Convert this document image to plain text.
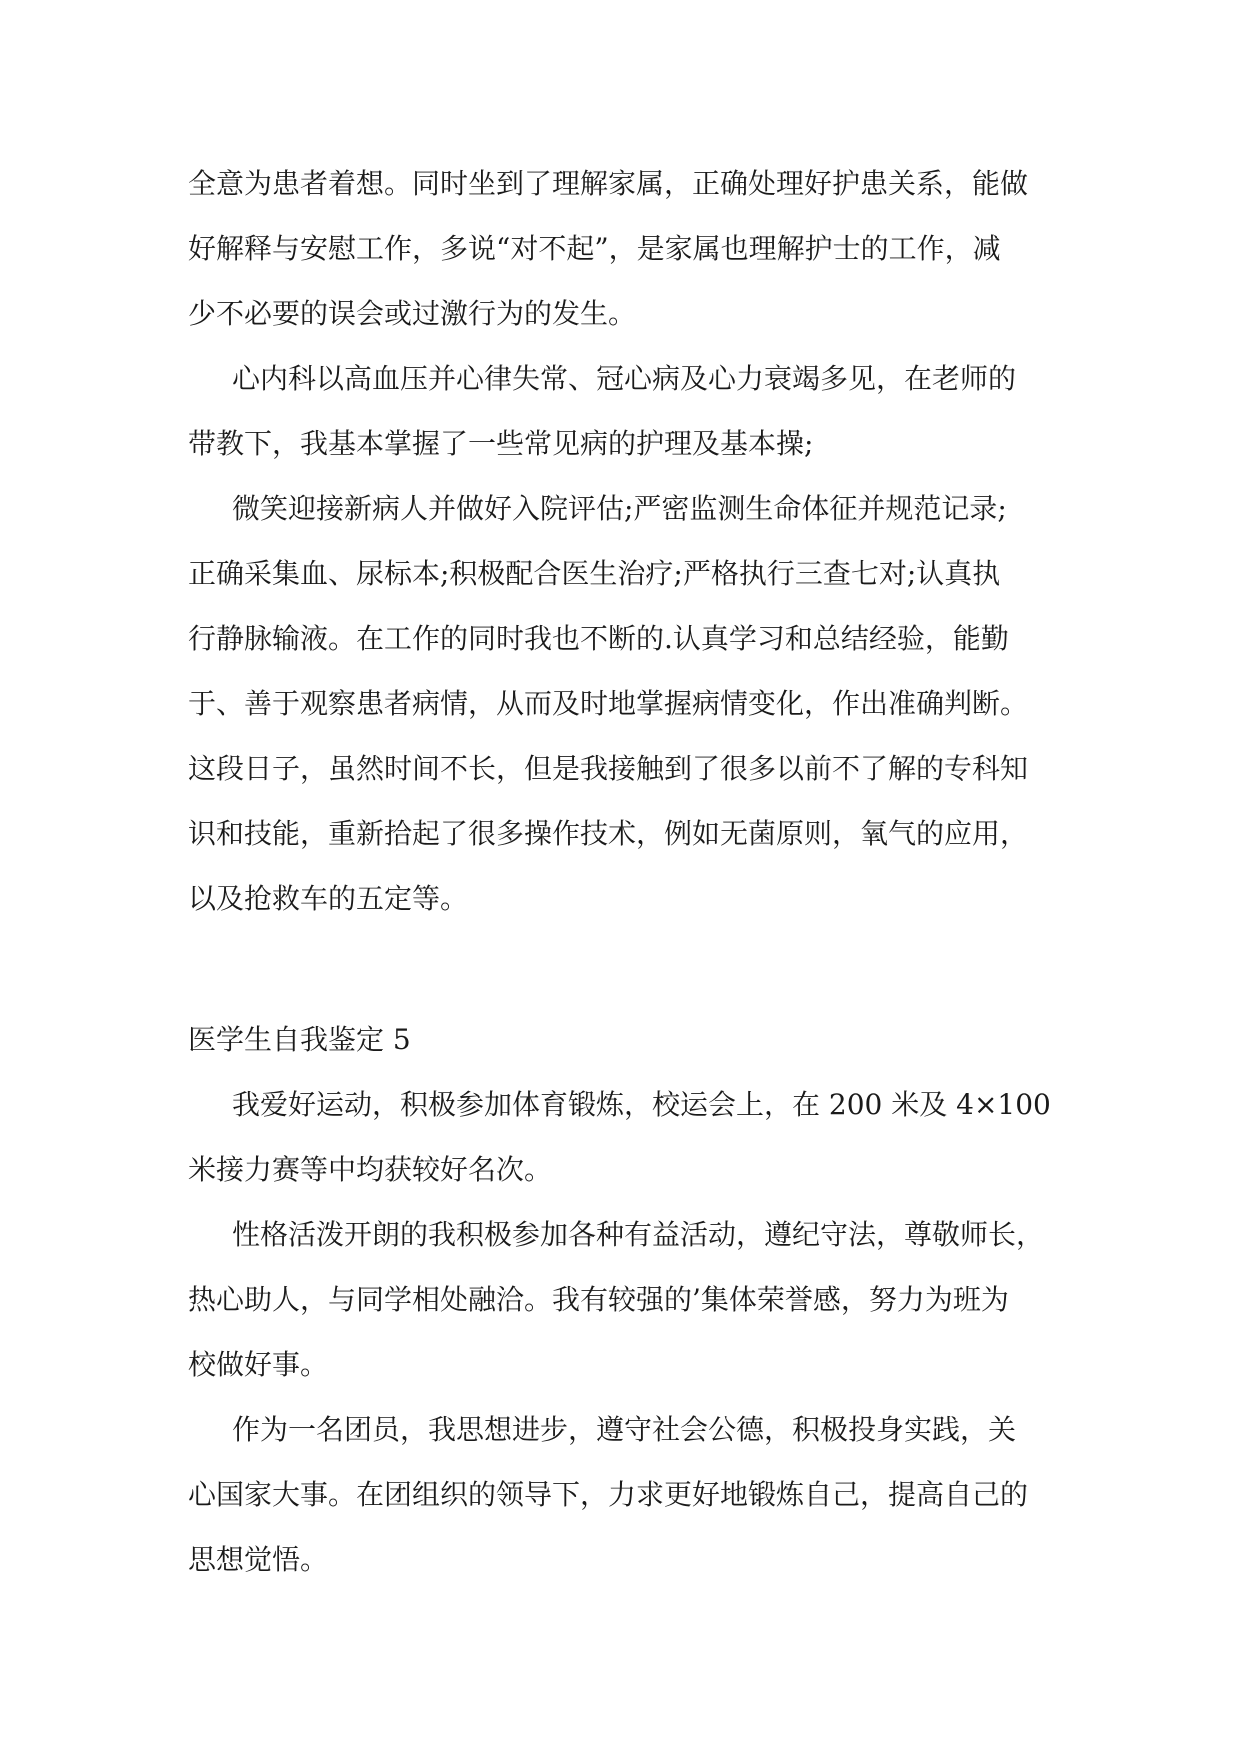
全意为患者着想。同时坐到了理解家属，正确处理好护患关系，能做
好解释与安慰工作，多说“对不起”，是家属也理解护士的工作，减
少不必要的误会或过激行为的发生。
心内科以高血压并心律失常、冠心病及心力衰竭多见，在老师的
带教下，我基本掌握了一些常见病的护理及基本操;
微笑迎接新病人并做好入院评估;严密监测生命体征并规范记录;
正确采集血、尿标本;积极配合医生治疗;严格执行三查七对;认真执
行静脉输液。在工作的同时我也不断的.认真学习和总结经验，能勤
于、善于观察患者病情，从而及时地掌握病情变化，作出准确判断。
这段日子，虽然时间不长，但是我接触到了很多以前不了解的专科知
识和技能，重新拾起了很多操作技术，例如无菌原则，氧气的应用，
以及抢救车的五定等。
医学生自我鉴定 5
我爱好运动，积极参加体育锻炼，校运会上，在 200 米及 4×100
米接力赛等中均获较好名次。
性格活泼开朗的我积极参加各种有益活动，遵纪守法，尊敬师长，
热心助人，与同学相处融洽。我有较强的’集体荣誉感，努力为班为
校做好事。
作为一名团员，我思想进步，遵守社会公德，积极投身实践，关
心国家大事。在团组织的领导下，力求更好地锻炼自己，提高自己的
思想觉悟。
